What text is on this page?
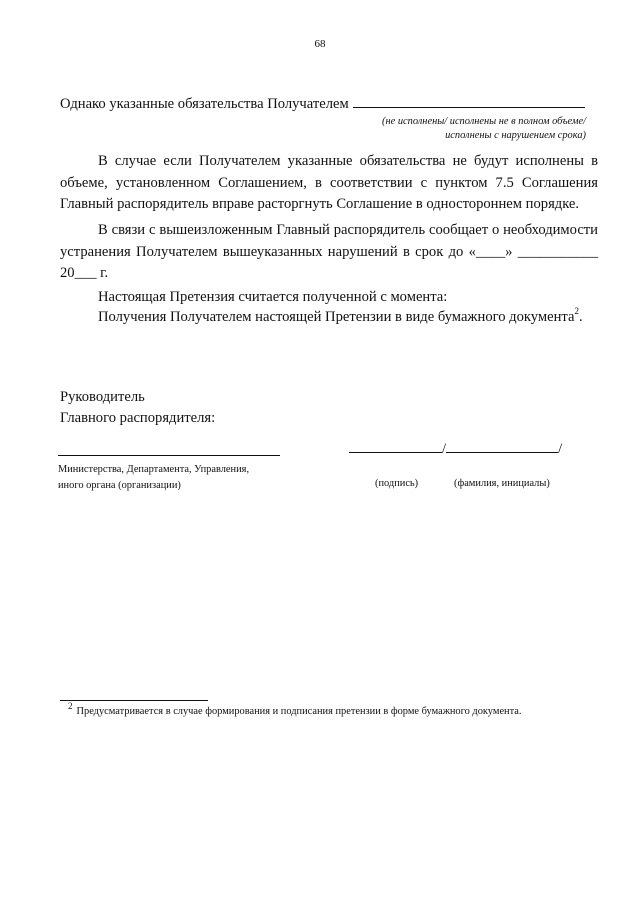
68
Однако указанные обязательства Получателем
(не исполнены/ исполнены не в полном объеме/
исполнены с нарушением срока)
В случае если Получателем указанные обязательства не будут исполнены в объеме, установленном Соглашением, в соответствии с пунктом 7.5 Соглашения Главный распорядитель вправе расторгнуть Соглашение в одностороннем порядке.
В связи с вышеизложенным Главный распорядитель сообщает о необходимости устранения Получателем вышеуказанных нарушений в срок до «____» ___________ 20___ г.
Настоящая Претензия считается полученной с момента:
Получения Получателем настоящей Претензии в виде бумажного документа$^2$.
Руководитель
Главного распорядителя:
/	/
Министерства, Департамента, Управления,
иного органа (организации)	(подпись)	(фамилия, инициалы)
$^2$Предусматривается в случае формирования и подписания претензии в форме бумажного документа.
